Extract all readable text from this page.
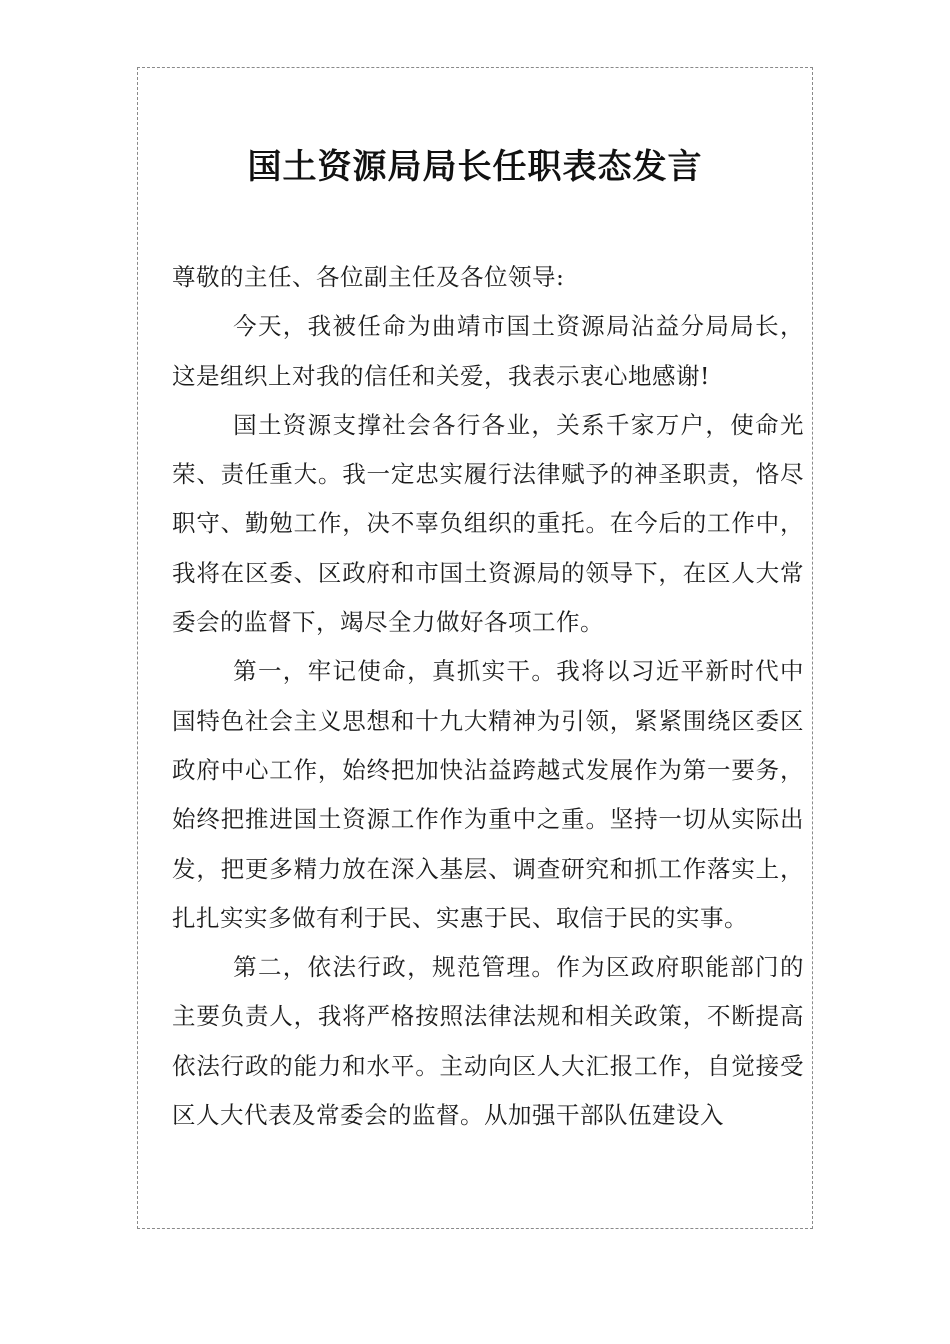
国土资源局局长任职表态发言

尊敬的主任、各位副主任及各位领导:

今天，我被任命为曲靖市国土资源局沾益分局局长，这是组织上对我的信任和关爱，我表示衷心地感谢!

国土资源支撑社会各行各业，关系千家万户，使命光荣、责任重大。我一定忠实履行法律赋予的神圣职责，恪尽职守、勤勉工作，决不辜负组织的重托。在今后的工作中，我将在区委、区政府和市国土资源局的领导下，在区人大常委会的监督下，竭尽全力做好各项工作。

第一，牢记使命，真抓实干。我将以习近平新时代中国特色社会主义思想和十九大精神为引领，紧紧围绕区委区政府中心工作，始终把加快沾益跨越式发展作为第一要务，始终把推进国土资源工作作为重中之重。坚持一切从实际出发，把更多精力放在深入基层、调查研究和抓工作落实上，扎扎实实多做有利于民、实惠于民、取信于民的实事。

第二，依法行政，规范管理。作为区政府职能部门的主要负责人，我将严格按照法律法规和相关政策，不断提高依法行政的能力和水平。主动向区人大汇报工作，自觉接受区人大代表及常委会的监督。从加强干部队伍建设入
